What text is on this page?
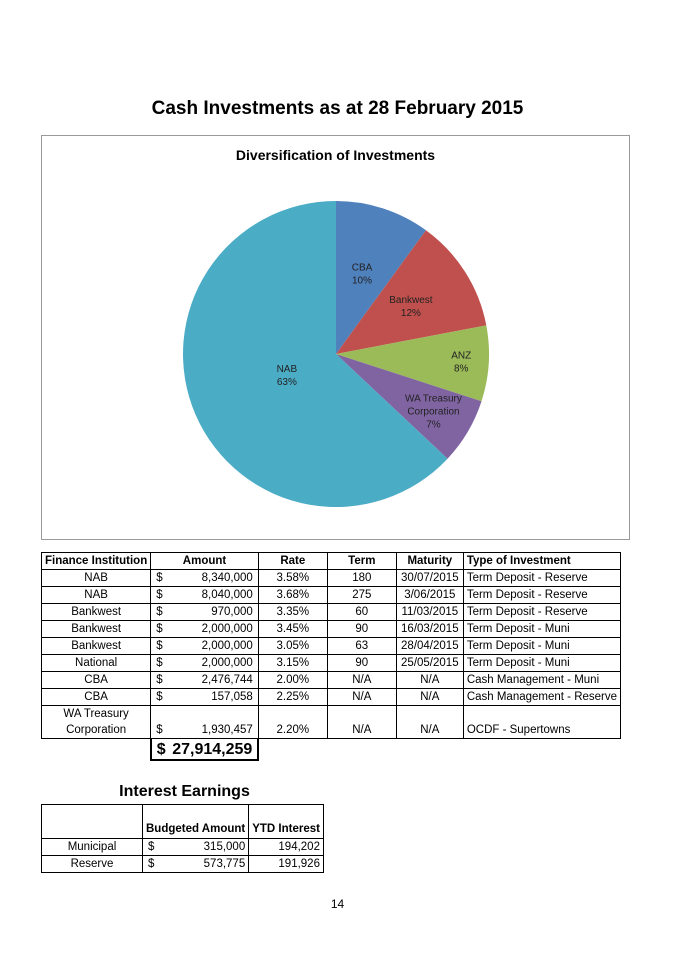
Cash Investments as at 28 February 2015
Diversification of Investments
CBA 10%
Bankwest 12%
ANZ 8%
WA Treasury Corporation 7%
NAB 63%
Finance Institution	Amount		Rate	Term	Maturity	Type of Investment
NAB	$	8,340,000	3.58%	180	30/07/2015	Term Deposit - Reserve
NAB	$	8,040,000	3.68%	275	3/06/2015	Term Deposit - Reserve
Bankwest	$	970,000	3.35%	60	11/03/2015	Term Deposit - Reserve
Bankwest	$	2,000,000	3.45%	90	16/03/2015	Term Deposit - Muni
Bankwest	$	2,000,000	3.05%	63	28/04/2015	Term Deposit - Muni
National	$	2,000,000	3.15%	90	25/05/2015	Term Deposit - Muni
CBA	$	2,476,744	2.00%	N/A	N/A	Cash Management - Muni
CBA	$	157,058	2.25%	N/A	N/A	Cash Management - Reserve
WA Treasury						
Corporation	$	1,930,457	2.20%	N/A	N/A	OCDF - Supertowns
	$	27,914,259				
Interest Earnings

	Budgeted Amount		YTD Interest
Municipal	$	315,000	194,202
Reserve	$	573,775	191,926
14
